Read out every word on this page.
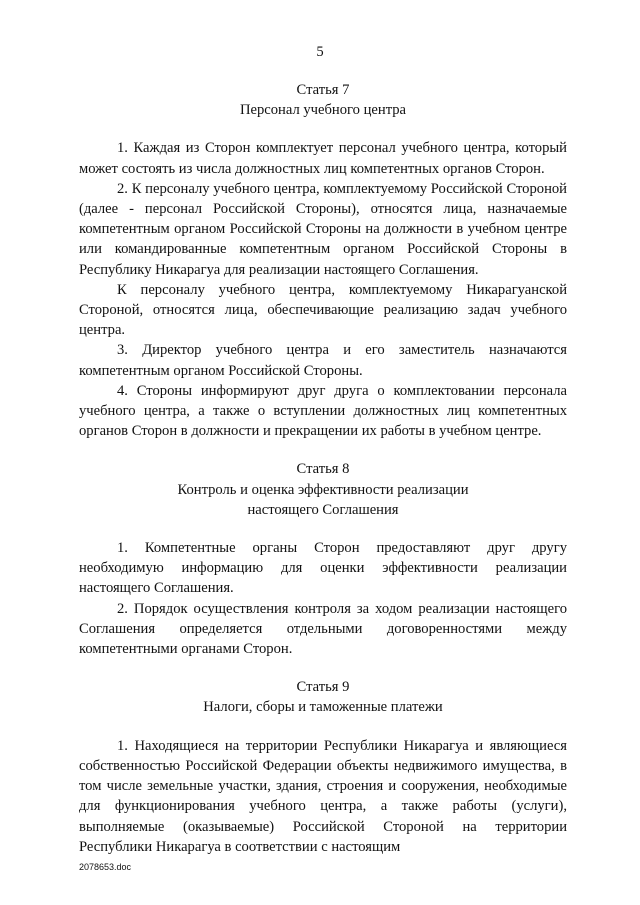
5
Статья 7
Персонал учебного центра

1. Каждая из Сторон комплектует персонал учебного центра, который может состоять из числа должностных лиц компетентных органов Сторон.

2. К персоналу учебного центра, комплектуемому Российской Стороной (далее - персонал Российской Стороны), относятся лица, назначаемые компетентным органом Российской Стороны на должности в учебном центре или командированные компетентным органом Российской Стороны в Республику Никарагуа для реализации настоящего Соглашения.

К персоналу учебного центра, комплектуемому Никарагуанской Стороной, относятся лица, обеспечивающие реализацию задач учебного центра.

3. Директор учебного центра и его заместитель назначаются компетентным органом Российской Стороны.

4. Стороны информируют друг друга о комплектовании персонала учебного центра, а также о вступлении должностных лиц компетентных органов Сторон в должности и прекращении их работы в учебном центре.

Статья 8
Контроль и оценка эффективности реализации
настоящего Соглашения

1. Компетентные органы Сторон предоставляют друг другу необходимую информацию для оценки эффективности реализации настоящего Соглашения.

2. Порядок осуществления контроля за ходом реализации настоящего Соглашения определяется отдельными договоренностями между компетентными органами Сторон.

Статья 9
Налоги, сборы и таможенные платежи

1. Находящиеся на территории Республики Никарагуа и являющиеся собственностью Российской Федерации объекты недвижимого имущества, в том числе земельные участки, здания, строения и сооружения, необходимые для функционирования учебного центра, а также работы (услуги), выполняемые (оказываемые) Российской Стороной на территории Республики Никарагуа в соответствии с настоящим

2078653.doc
